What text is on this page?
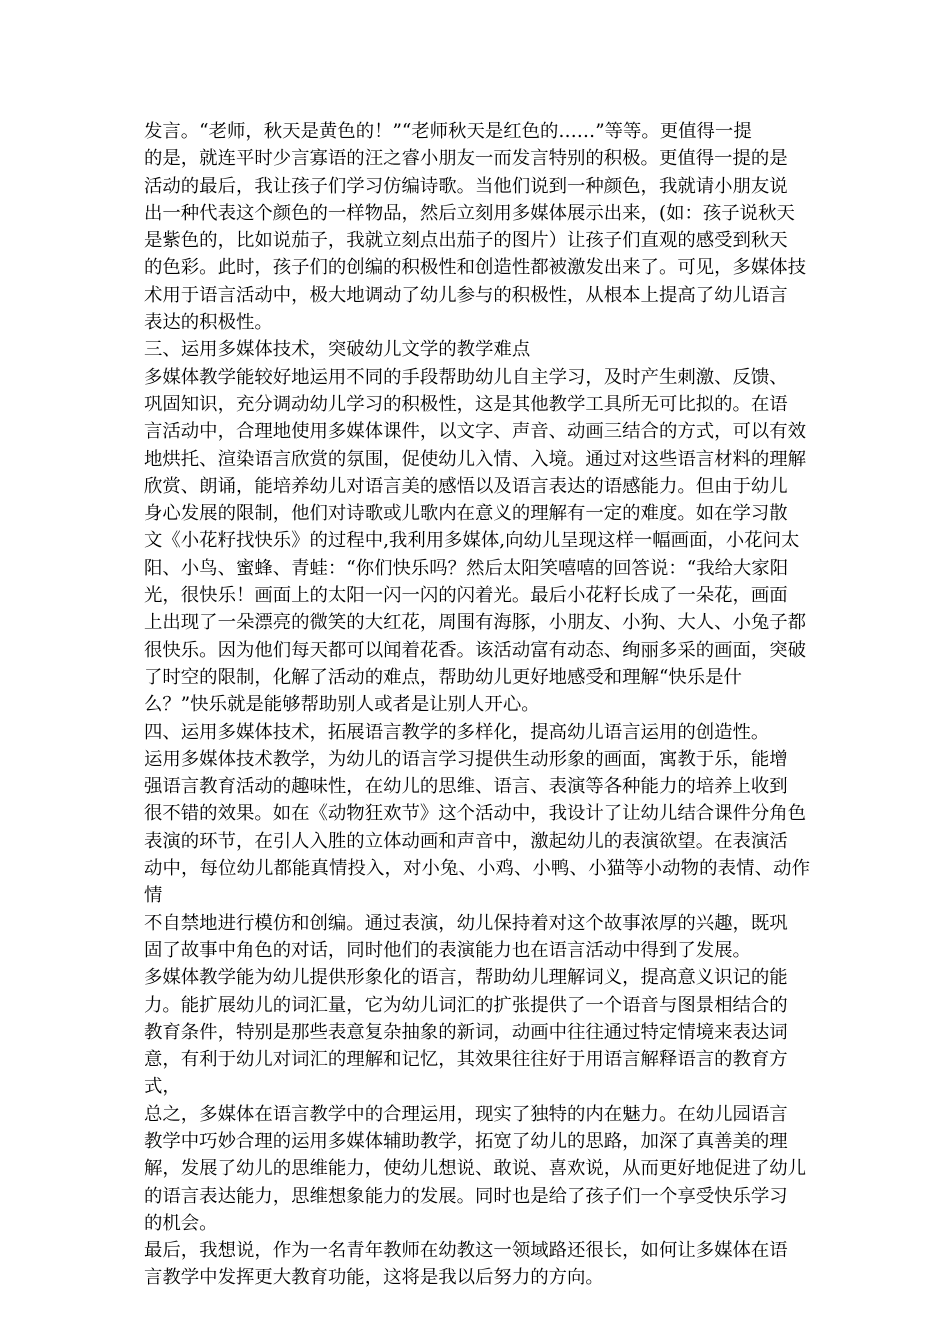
发言。“老师，秋天是黄色的！”“老师秋天是红色的……”等等。更值得一提
的是，就连平时少言寡语的汪之睿小朋友一而发言特别的积极。更值得一提的是
活动的最后，我让孩子们学习仿编诗歌。当他们说到一种颜色，我就请小朋友说
出一种代表这个颜色的一样物品，然后立刻用多媒体展示出来，(如：孩子说秋天
是紫色的，比如说茄子，我就立刻点出茄子的图片）让孩子们直观的感受到秋天
的色彩。此时，孩子们的创编的积极性和创造性都被激发出来了。可见，多媒体技
术用于语言活动中，极大地调动了幼儿参与的积极性，从根本上提高了幼儿语言
表达的积极性。

三、运用多媒体技术，突破幼儿文学的教学难点

多媒体教学能较好地运用不同的手段帮助幼儿自主学习，及时产生刺激、反馈、
巩固知识，充分调动幼儿学习的积极性，这是其他教学工具所无可比拟的。在语
言活动中，合理地使用多媒体课件，以文字、声音、动画三结合的方式，可以有效
地烘托、渲染语言欣赏的氛围，促使幼儿入情、入境。通过对这些语言材料的理解
欣赏、朗诵，能培养幼儿对语言美的感悟以及语言表达的语感能力。但由于幼儿
身心发展的限制，他们对诗歌或儿歌内在意义的理解有一定的难度。如在学习散
文《小花籽找快乐》的过程中,我利用多媒体,向幼儿呈现这样一幅画面，小花问太
阳、小鸟、蜜蜂、青蛙：“你们快乐吗？然后太阳笑嘻嘻的回答说：“我给大家阳
光，很快乐！画面上的太阳一闪一闪的闪着光。最后小花籽长成了一朵花，画面
上出现了一朵漂亮的微笑的大红花，周围有海豚，小朋友、小狗、大人、小兔子都
很快乐。因为他们每天都可以闻着花香。该活动富有动态、绚丽多采的画面，突破
了时空的限制，化解了活动的难点，帮助幼儿更好地感受和理解“快乐是什
么？”快乐就是能够帮助别人或者是让别人开心。

四、运用多媒体技术，拓展语言教学的多样化，提高幼儿语言运用的创造性。

运用多媒体技术教学，为幼儿的语言学习提供生动形象的画面，寓教于乐，能增
强语言教育活动的趣味性，在幼儿的思维、语言、表演等各种能力的培养上收到
很不错的效果。如在《动物狂欢节》这个活动中，我设计了让幼儿结合课件分角色
表演的环节，在引人入胜的立体动画和声音中，激起幼儿的表演欲望。在表演活
动中，每位幼儿都能真情投入，对小兔、小鸡、小鸭、小猫等小动物的表情、动作情
不自禁地进行模仿和创编。通过表演，幼儿保持着对这个故事浓厚的兴趣，既巩
固了故事中角色的对话，同时他们的表演能力也在语言活动中得到了发展。

多媒体教学能为幼儿提供形象化的语言，帮助幼儿理解词义，提高意义识记的能
力。能扩展幼儿的词汇量，它为幼儿词汇的扩张提供了一个语音与图景相结合的
教育条件，特别是那些表意复杂抽象的新词，动画中往往通过特定情境来表达词
意，有利于幼儿对词汇的理解和记忆，其效果往往好于用语言解释语言的教育方
式，

总之，多媒体在语言教学中的合理运用，现实了独特的内在魅力。在幼儿园语言
教学中巧妙合理的运用多媒体辅助教学，拓宽了幼儿的思路，加深了真善美的理
解，发展了幼儿的思维能力，使幼儿想说、敢说、喜欢说，从而更好地促进了幼儿
的语言表达能力，思维想象能力的发展。同时也是给了孩子们一个享受快乐学习
的机会。

最后，我想说，作为一名青年教师在幼教这一领域路还很长，如何让多媒体在语
言教学中发挥更大教育功能，这将是我以后努力的方向。
